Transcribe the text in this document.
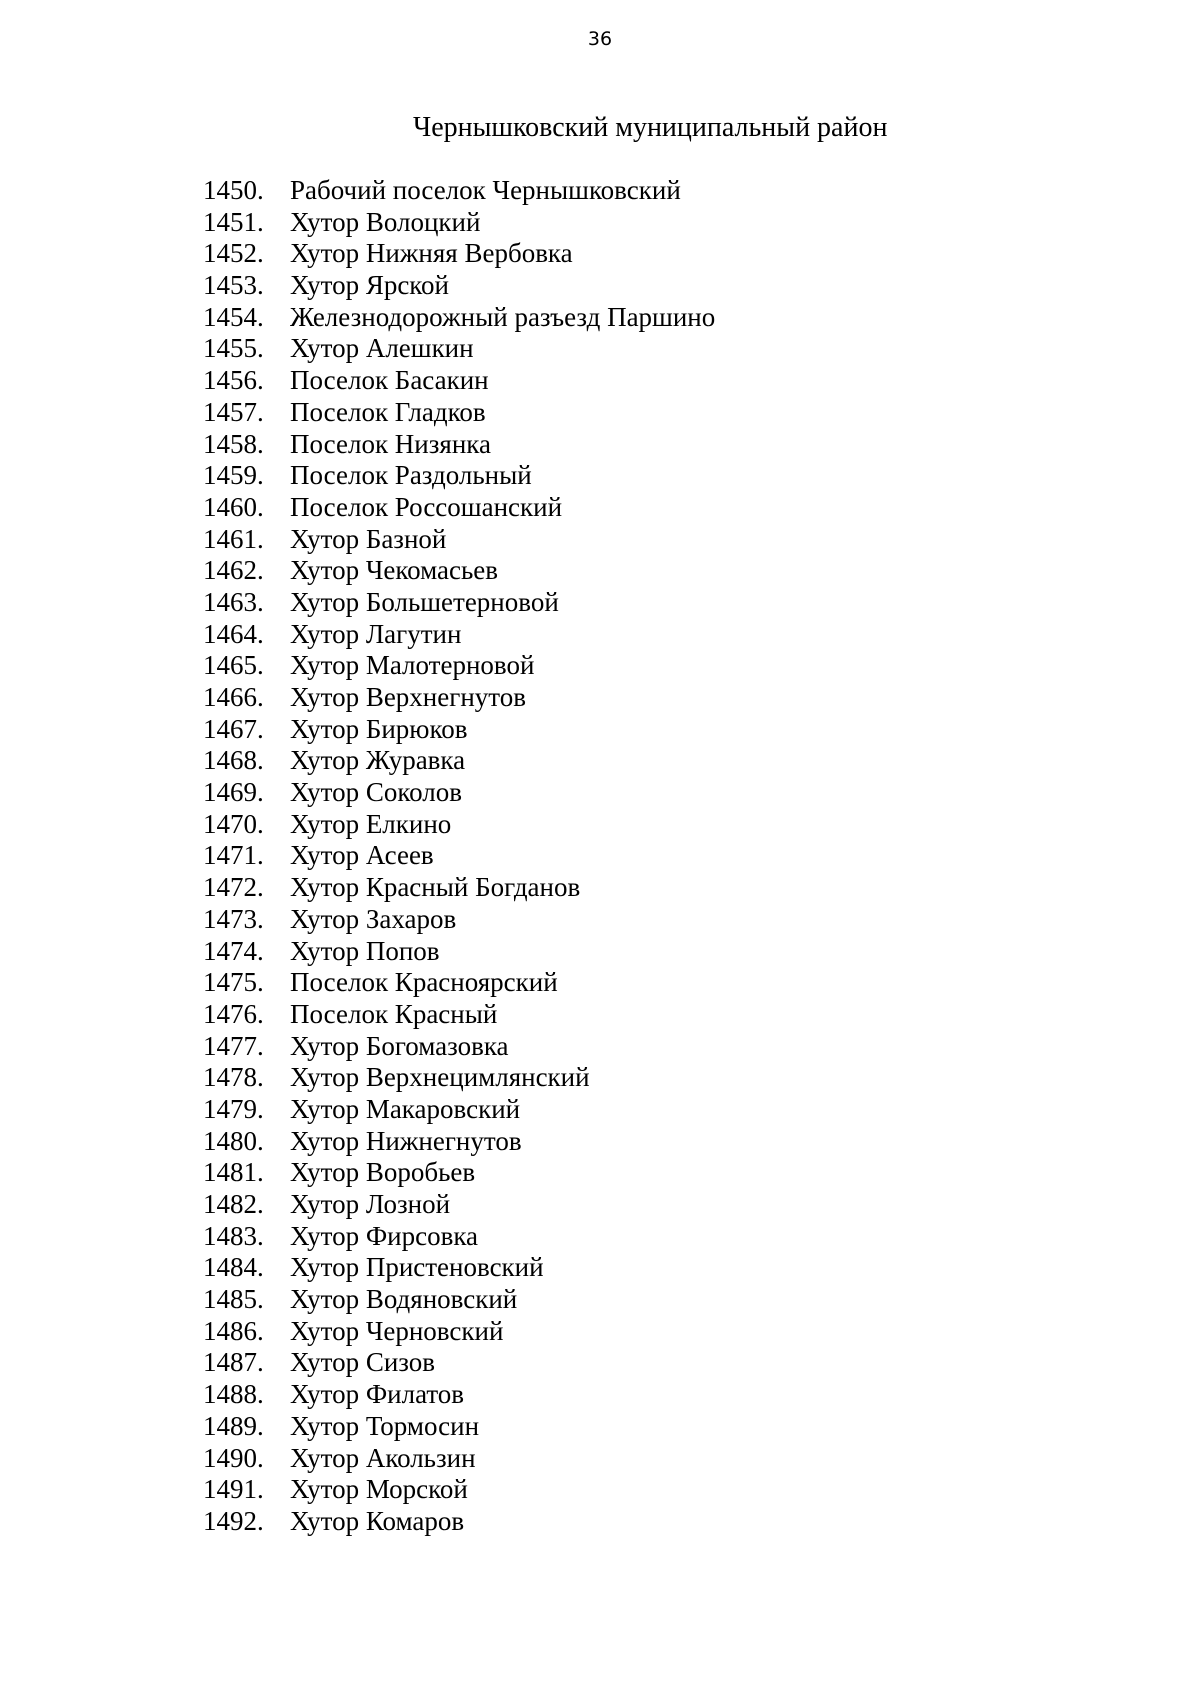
36
Чернышковский муниципальный район
1450. Рабочий поселок Чернышковский
1451. Хутор Волоцкий
1452. Хутор Нижняя Вербовка
1453. Хутор Ярской
1454. Железнодорожный разъезд Паршино
1455. Хутор Алешкин
1456. Поселок Басакин
1457. Поселок Гладков
1458. Поселок Низянка
1459. Поселок Раздольный
1460. Поселок Россошанский
1461. Хутор Базной
1462. Хутор Чекомасьев
1463. Хутор Большетерновой
1464. Хутор Лагутин
1465. Хутор Малотерновой
1466. Хутор Верхнегнутов
1467. Хутор Бирюков
1468. Хутор Журавка
1469. Хутор Соколов
1470. Хутор Елкино
1471. Хутор Асеев
1472. Хутор Красный Богданов
1473. Хутор Захаров
1474. Хутор Попов
1475. Поселок Красноярский
1476. Поселок Красный
1477. Хутор Богомазовка
1478. Хутор Верхнецимлянский
1479. Хутор Макаровский
1480. Хутор Нижнегнутов
1481. Хутор Воробьев
1482. Хутор Лозной
1483. Хутор Фирсовка
1484. Хутор Пристеновский
1485. Хутор Водяновский
1486. Хутор Черновский
1487. Хутор Сизов
1488. Хутор Филатов
1489. Хутор Тормосин
1490. Хутор Акользин
1491. Хутор Морской
1492. Хутор Комаров
